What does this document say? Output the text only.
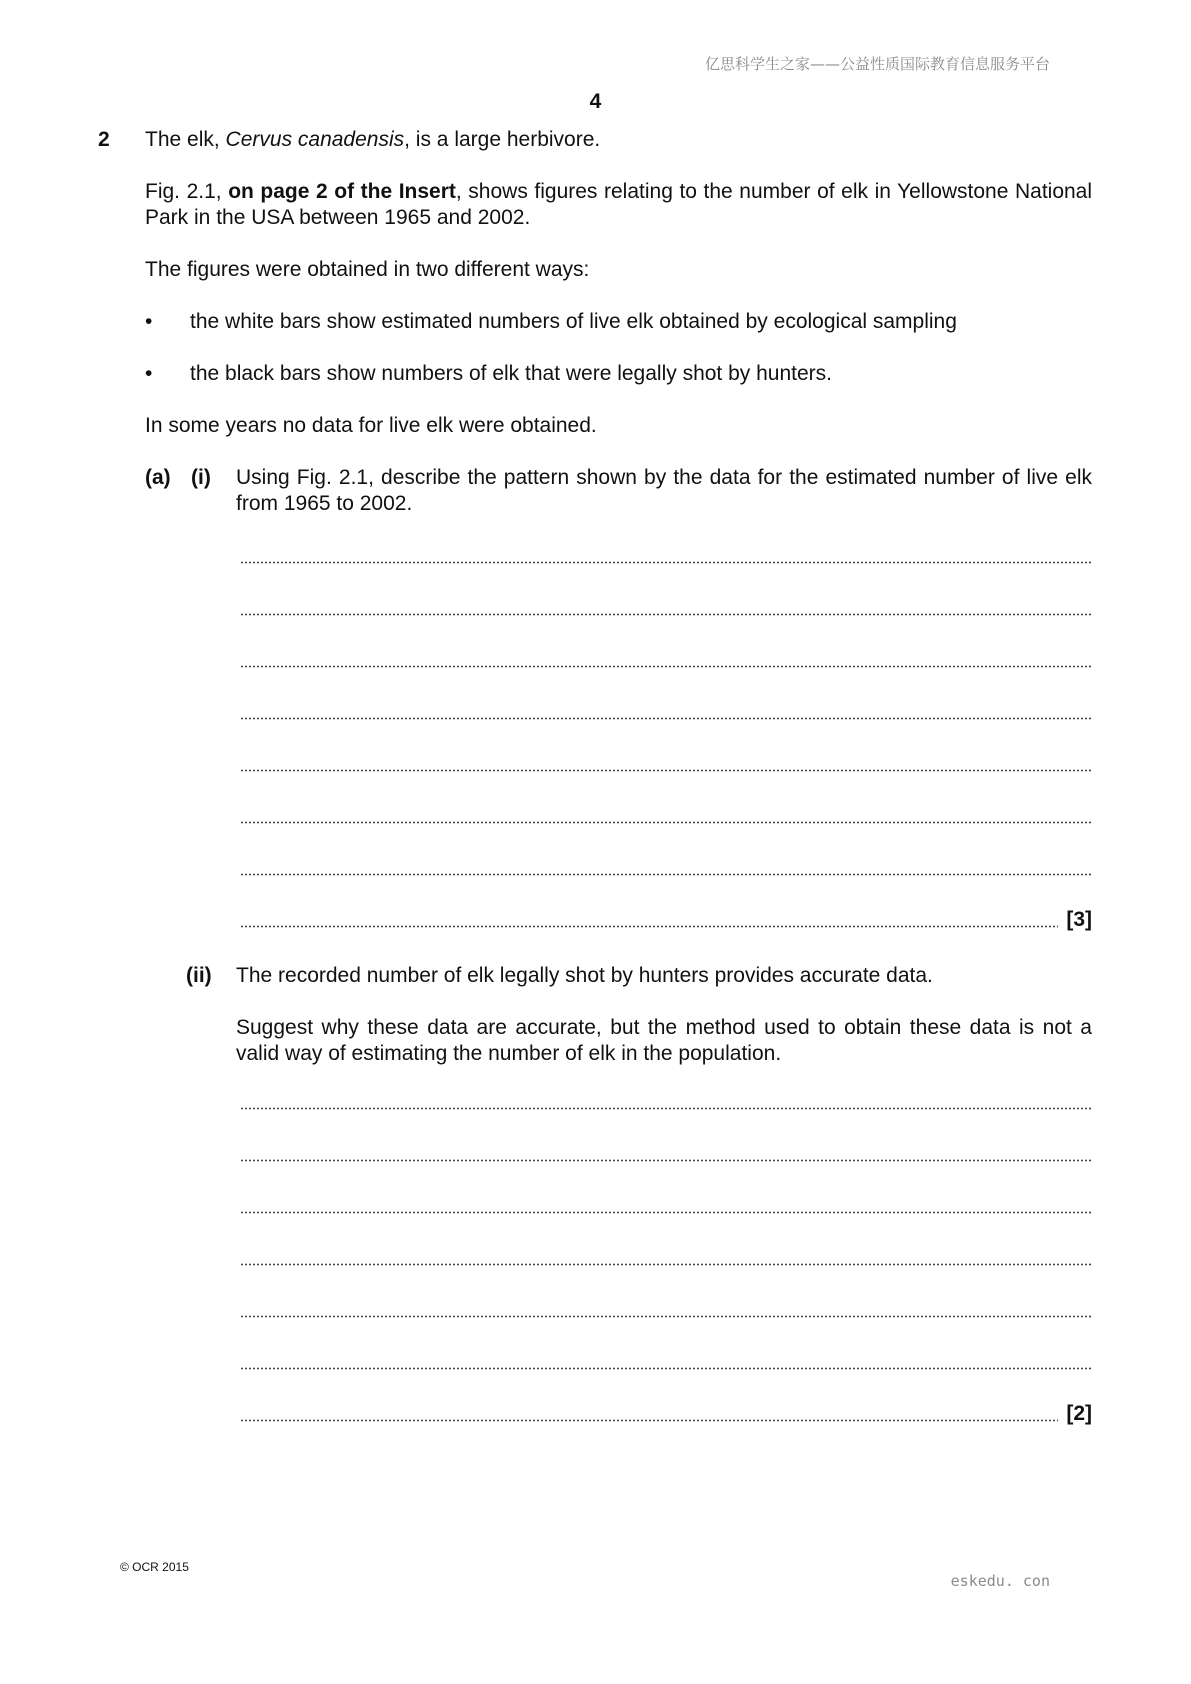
亿思科学生之家——公益性质国际教育信息服务平台
4
2 The elk, Cervus canadensis, is a large herbivore.
Fig. 2.1, on page 2 of the Insert, shows figures relating to the number of elk in Yellowstone National Park in the USA between 1965 and 2002.
The figures were obtained in two different ways:
• the white bars show estimated numbers of live elk obtained by ecological sampling
• the black bars show numbers of elk that were legally shot by hunters.
In some years no data for live elk were obtained.
(a) (i) Using Fig. 2.1, describe the pattern shown by the data for the estimated number of live elk from 1965 to 2002.
[3]
(ii) The recorded number of elk legally shot by hunters provides accurate data.
Suggest why these data are accurate, but the method used to obtain these data is not a valid way of estimating the number of elk in the population.
[2]
© OCR 2015
eskedu. con
